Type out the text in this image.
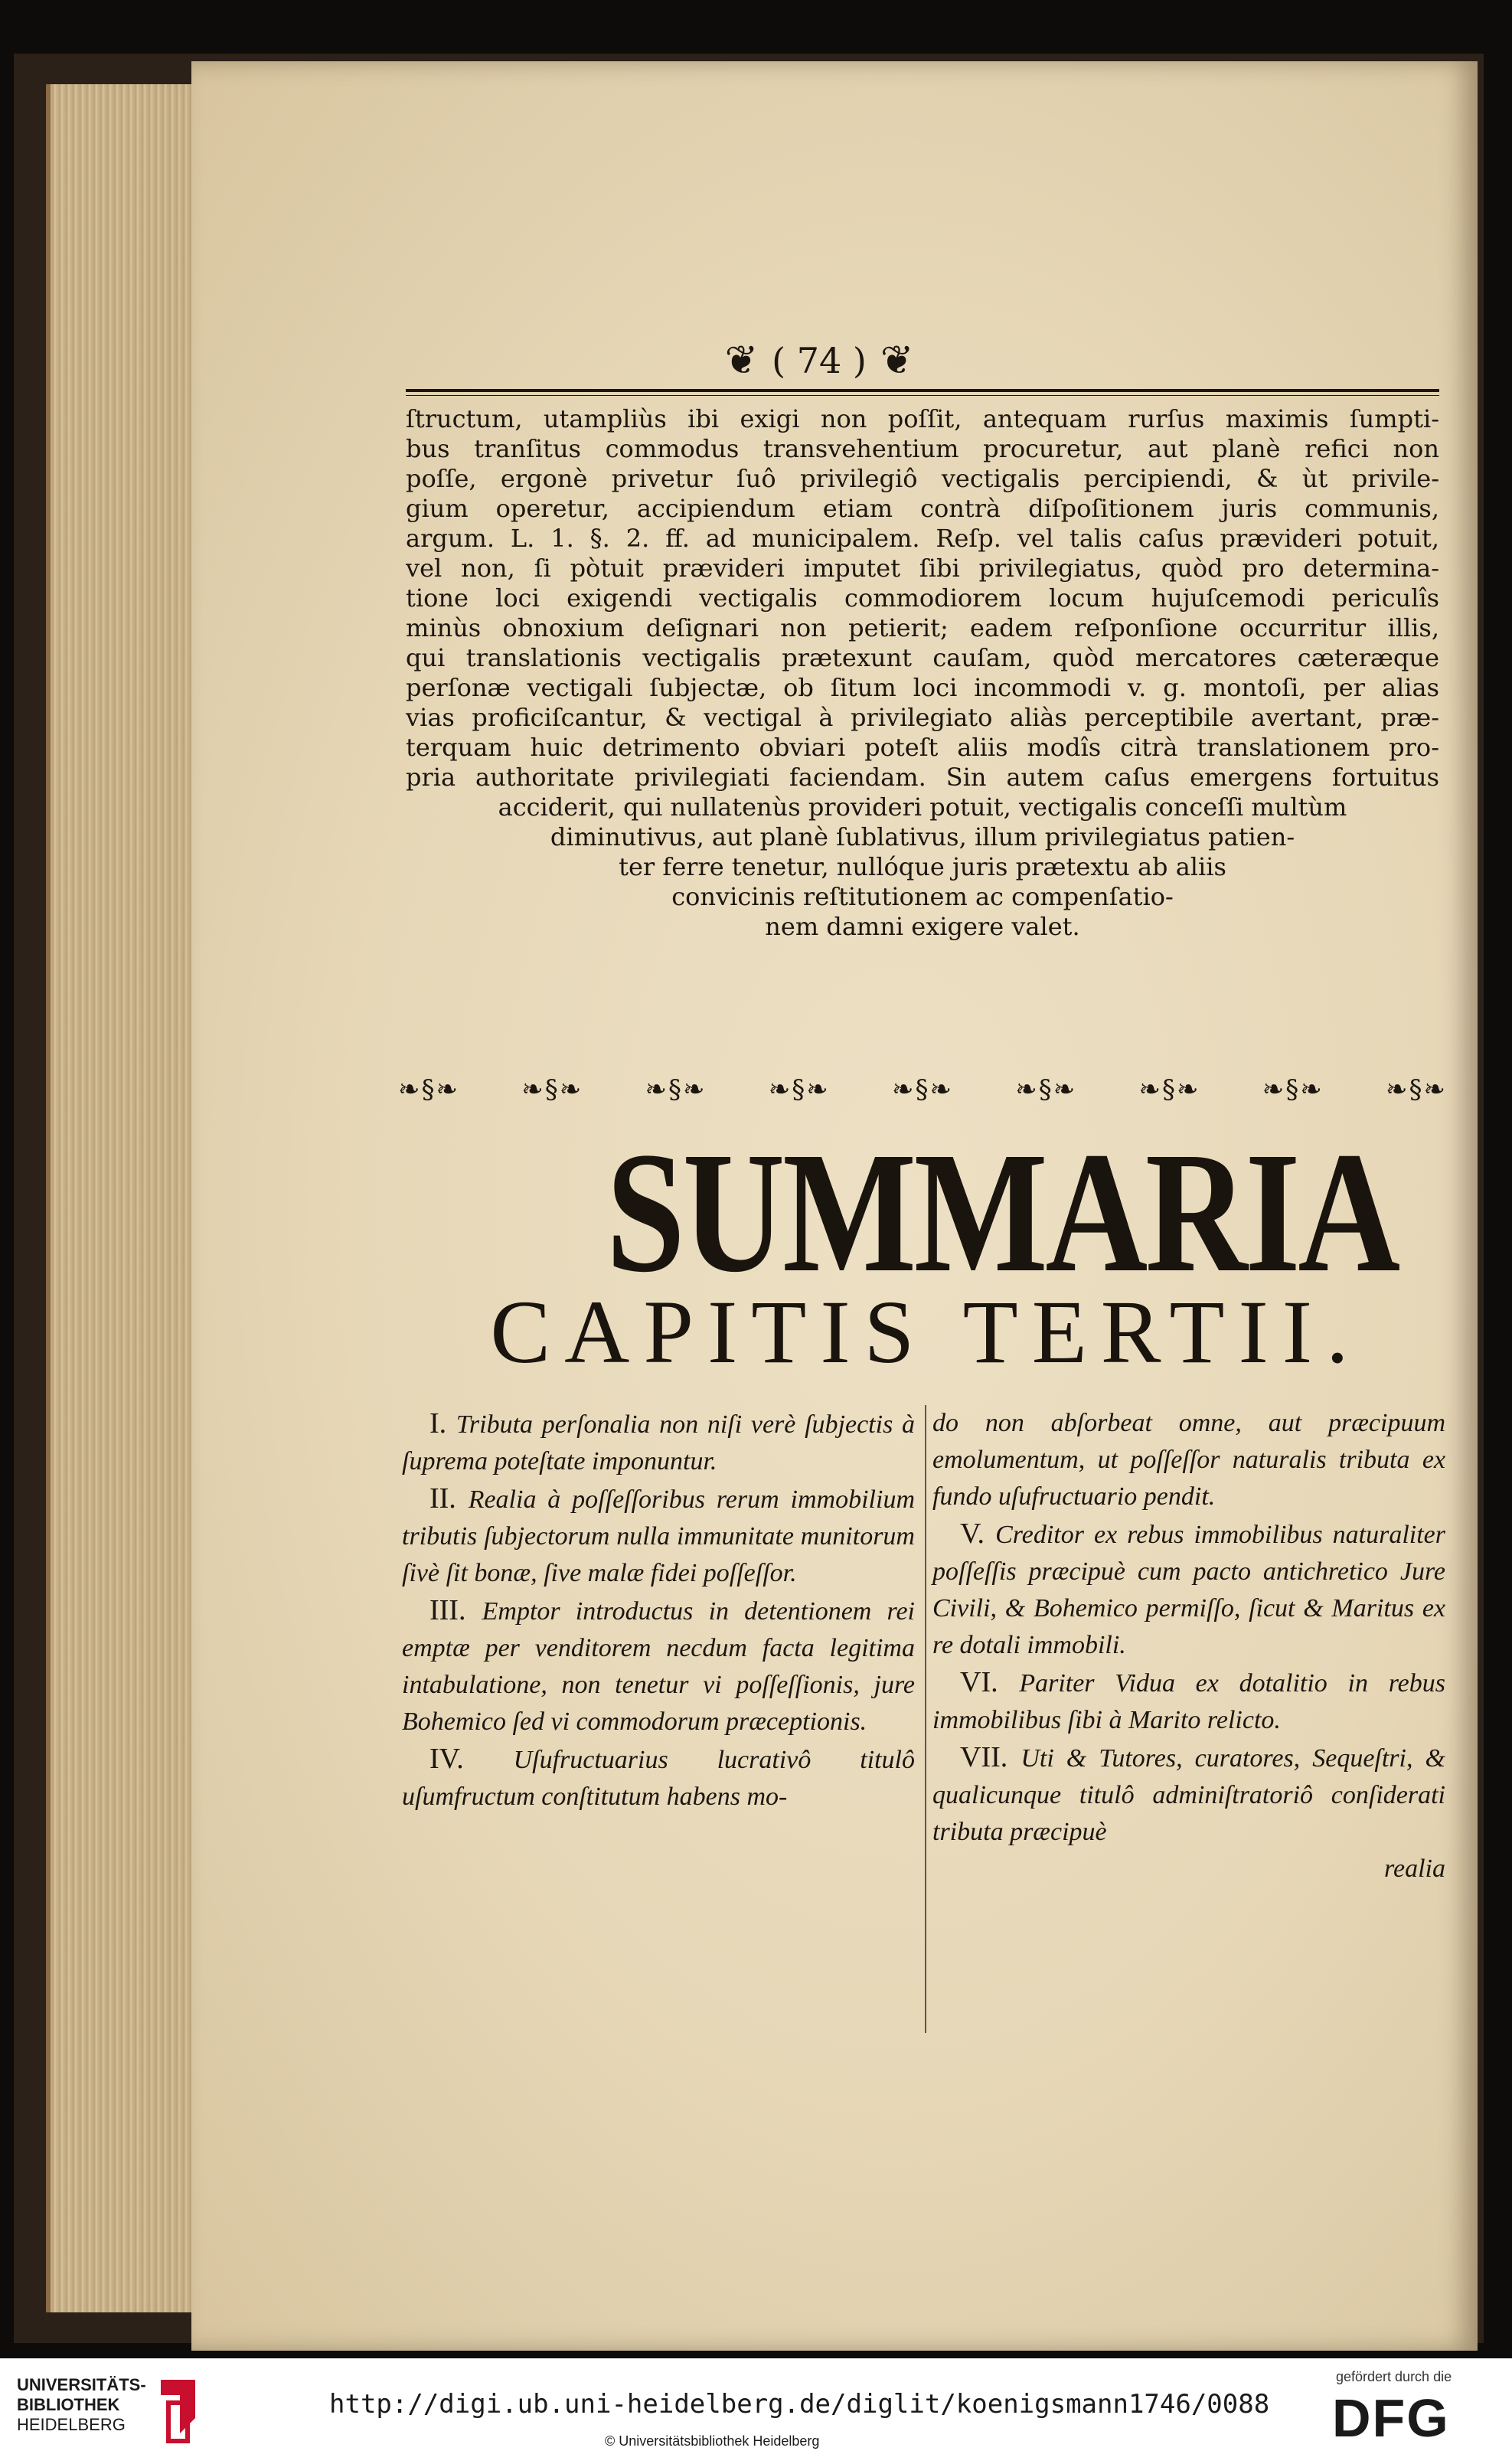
❦ ( 74 ) ❦

ſtructum, utampliùs ibi exigi non poſſit, antequam rurſus maximis ſumpti-

bus tranſitus commodus transvehentium procuretur, aut planè refici non

poſſe, ergonè privetur ſuô privilegiô vectigalis percipiendi, & ùt privile-

gium operetur, accipiendum etiam contrà diſpoſitionem juris communis,

argum. L. 1. §. 2. ff. ad municipalem. Reſp. vel talis caſus prævideri potuit,

vel non, ſi pòtuit prævideri imputet ſibi privilegiatus, quòd pro determina-

tione loci exigendi vectigalis commodiorem locum hujuſcemodi periculîs

minùs obnoxium deſignari non petierit; eadem reſponſione occurritur illis,

qui translationis vectigalis prætexunt cauſam, quòd mercatores cæteræque

perſonæ vectigali ſubjectæ, ob ſitum loci incommodi v. g. montoſi, per alias

vias proficiſcantur, & vectigal à privilegiato aliàs perceptibile avertant, præ-

terquam huic detrimento obviari poteſt aliis modîs citrà translationem pro-

pria authoritate privilegiati faciendam. Sin autem caſus emergens fortuitus

acciderit, qui nullatenùs provideri potuit, vectigalis conceſſi multùm

diminutivus, aut planè ſublativus, illum privilegiatus patien-

ter ferre tenetur, nullóque juris prætextu ab aliis

convicinis reſtitutionem ac compenſatio-

nem damni exigere valet.

❧§❧ ❧§❧ ❧§❧ ❧§❧ ❧§❧ ❧§❧ ❧§❧ ❧§❧ ❧§❧
SUMMARIA
CAPITIS TERTII.

I. Tributa perſonalia non niſi verè ſubjectis à ſuprema poteſtate imponuntur.

II. Realia à poſſeſſoribus rerum immobilium tributis ſubjectorum nulla immunitate munitorum ſivè ſit bonæ, ſive malæ fidei poſſeſſor.

III. Emptor introductus in detentionem rei emptæ per venditorem necdum facta legitima intabulatione, non tenetur vi poſſeſſionis, jure Bohemico ſed vi commodorum præceptionis.

IV. Uſufructuarius lucrativô titulô uſumfructum conſtitutum habens mo-

do non abſorbeat omne, aut præcipuum emolumentum, ut poſſeſſor naturalis tributa ex fundo uſufructuario pendit.

V. Creditor ex rebus immobilibus naturaliter poſſeſſis præcipuè cum pacto antichretico Jure Civili, & Bohemico permiſſo, ſicut & Maritus ex re dotali immobili.

VI. Pariter Vidua ex dotalitio in rebus immobilibus ſibi à Marito relicto.

VII. Uti & Tutores, curatores, Sequeſtri, & qualicunque titulô adminiſtratoriô conſiderati tributa præcipuè

realia

UNIVERSITÄTS-
BIBLIOTHEK
HEIDELBERG
http://digi.ub.uni-heidelberg.de/diglit/koenigsmann1746/0088
© Universitätsbibliothek Heidelberg
gefördert durch die
DFG
